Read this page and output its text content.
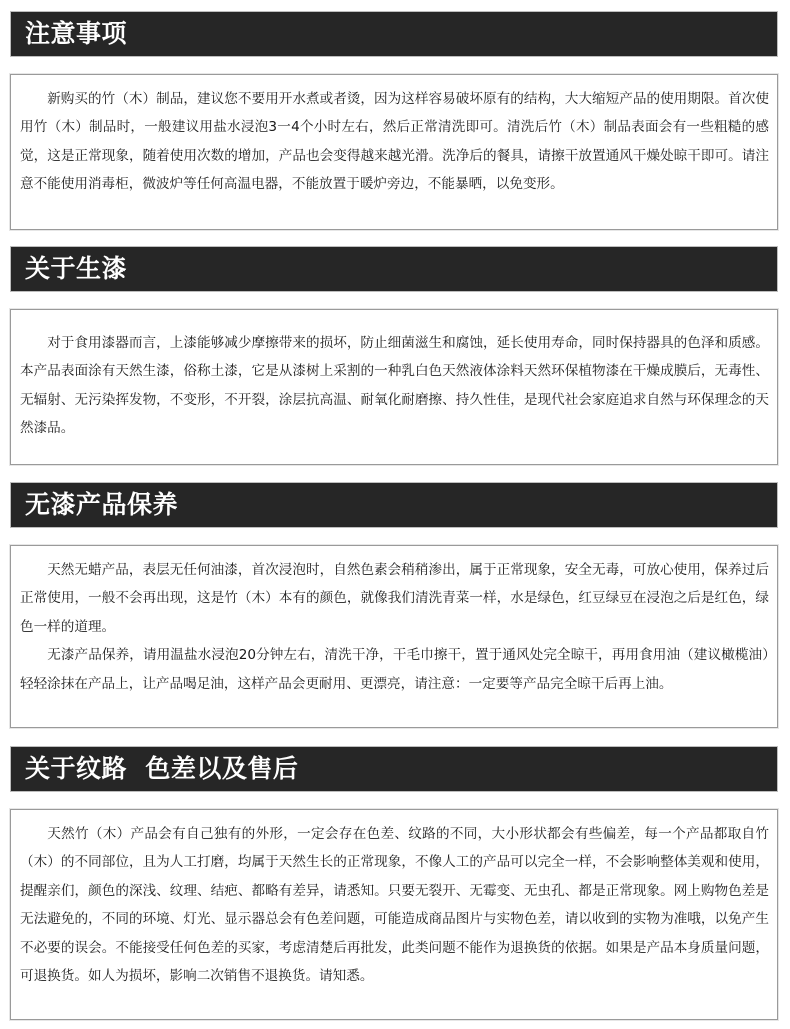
注意事项

新购买的竹（木）制品，建议您不要用开水煮或者烫，因为这样容易破坏原有的结构，大大缩短产品的使用期限。首次使用竹（木）制品时，一般建议用盐水浸泡3一4个小时左右，然后正常清洗即可。清洗后竹（木）制品表面会有一些粗糙的感觉，这是正常现象，随着使用次数的增加，产品也会变得越来越光滑。洗净后的餐具，请擦干放置通风干燥处晾干即可。请注意不能使用消毒柜，微波炉等任何高温电器，不能放置于暖炉旁边，不能暴晒，以免变形。

关于生漆

对于食用漆器而言，上漆能够减少摩擦带来的损坏，防止细菌滋生和腐蚀，延长使用寿命，同时保持器具的色泽和质感。本产品表面涂有天然生漆，俗称土漆，它是从漆树上采割的一种乳白色天然液体涂料天然环保植物漆在干燥成膜后，无毒性、无辐射、无污染挥发物，不变形，不开裂，涂层抗高温、耐氧化耐磨擦、持久性佳，是现代社会家庭追求自然与环保理念的天然漆品。

无漆产品保养

天然无蜡产品，表层无任何油漆，首次浸泡时，自然色素会稍稍渗出，属于正常现象，安全无毒，可放心使用，保养过后正常使用，一般不会再出现，这是竹（木）本有的颜色，就像我们清洗青菜一样，水是绿色，红豆绿豆在浸泡之后是红色，绿色一样的道理。

无漆产品保养，请用温盐水浸泡20分钟左右，清洗干净，干毛巾擦干，置于通风处完全晾干，再用食用油（建议橄榄油）轻轻涂抹在产品上，让产品喝足油，这样产品会更耐用、更漂亮，请注意：一定要等产品完全晾干后再上油。

关于纹路  色差以及售后

天然竹（木）产品会有自己独有的外形，一定会存在色差、纹路的不同，大小形状都会有些偏差，每一个产品都取自竹（木）的不同部位，且为人工打磨，均属于天然生长的正常现象，不像人工的产品可以完全一样，不会影响整体美观和使用，提醒亲们，颜色的深浅、纹理、结疤、都略有差异，请悉知。只要无裂开、无霉变、无虫孔、都是正常现象。网上购物色差是无法避免的，不同的环境、灯光、显示器总会有色差问题，可能造成商品图片与实物色差，请以收到的实物为准哦，以免产生不必要的误会。不能接受任何色差的买家，考虑清楚后再批发，此类问题不能作为退换货的依据。如果是产品本身质量问题，可退换货。如人为损坏，影响二次销售不退换货。请知悉。
